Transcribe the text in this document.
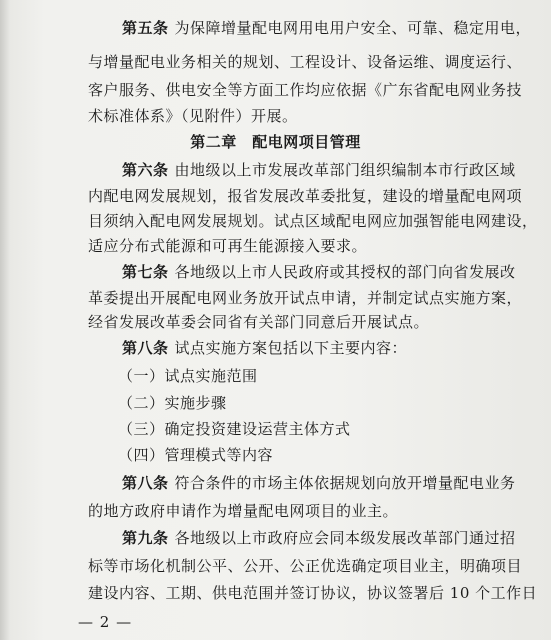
第五条 为保障增量配电网用电用户安全、可靠、稳定用电，
与增量配电业务相关的规划、工程设计、设备运维、调度运行、
客户服务、供电安全等方面工作均应依据《广东省配电网业务技
术标准体系》（见附件）开展。
第二章　配电网项目管理
第六条 由地级以上市发展改革部门组织编制本市行政区域
内配电网发展规划，报省发展改革委批复，建设的增量配电网项
目须纳入配电网发展规划。试点区域配电网应加强智能电网建设，
适应分布式能源和可再生能源接入要求。
第七条 各地级以上市人民政府或其授权的部门向省发展改
革委提出开展配电网业务放开试点申请，并制定试点实施方案，
经省发展改革委会同省有关部门同意后开展试点。
第八条 试点实施方案包括以下主要内容：
（一）试点实施范围
（二）实施步骤
（三）确定投资建设运营主体方式
（四）管理模式等内容
第八条 符合条件的市场主体依据规划向放开增量配电业务
的地方政府申请作为增量配电网项目的业主。
第九条 各地级以上市政府应会同本级发展改革部门通过招
标等市场化机制公平、公开、公正优选确定项目业主，明确项目
建设内容、工期、供电范围并签订协议，协议签署后 10 个工作日
— 2 —
